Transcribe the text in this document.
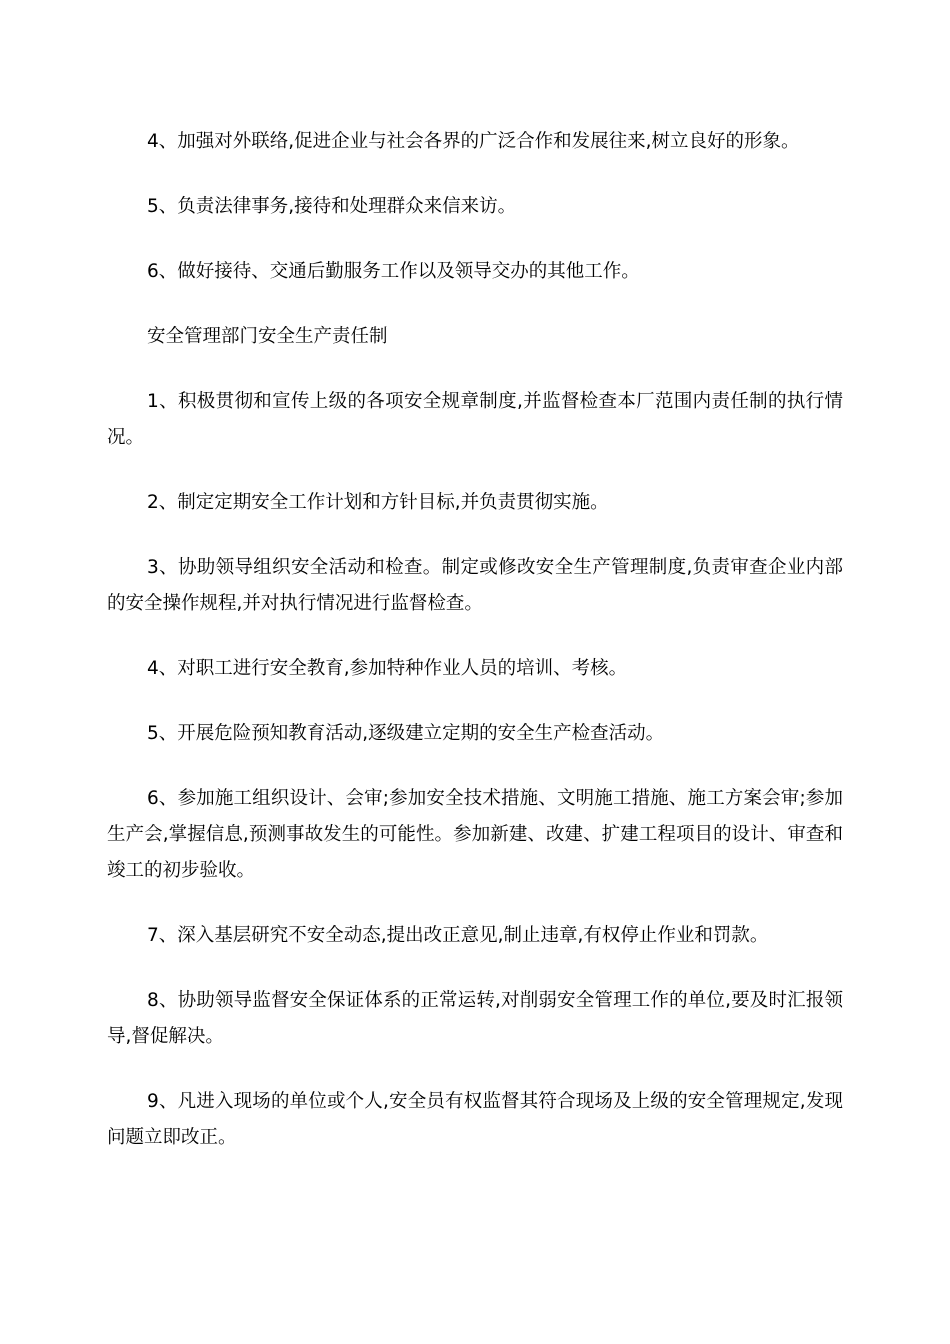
4、加强对外联络,促进企业与社会各界的广泛合作和发展往来,树立良好的形象。

5、负责法律事务,接待和处理群众来信来访。

6、做好接待、交通后勤服务工作以及领导交办的其他工作。

安全管理部门安全生产责任制

1、积极贯彻和宣传上级的各项安全规章制度,并监督检查本厂范围内责任制的执行情况。

2、制定定期安全工作计划和方针目标,并负责贯彻实施。

3、协助领导组织安全活动和检查。制定或修改安全生产管理制度,负责审查企业内部的安全操作规程,并对执行情况进行监督检查。

4、对职工进行安全教育,参加特种作业人员的培训、考核。

5、开展危险预知教育活动,逐级建立定期的安全生产检查活动。

6、参加施工组织设计、会审;参加安全技术措施、文明施工措施、施工方案会审;参加生产会,掌握信息,预测事故发生的可能性。参加新建、改建、扩建工程项目的设计、审查和竣工的初步验收。

7、深入基层研究不安全动态,提出改正意见,制止违章,有权停止作业和罚款。

8、协助领导监督安全保证体系的正常运转,对削弱安全管理工作的单位,要及时汇报领导,督促解决。

9、凡进入现场的单位或个人,安全员有权监督其符合现场及上级的安全管理规定,发现问题立即改正。
